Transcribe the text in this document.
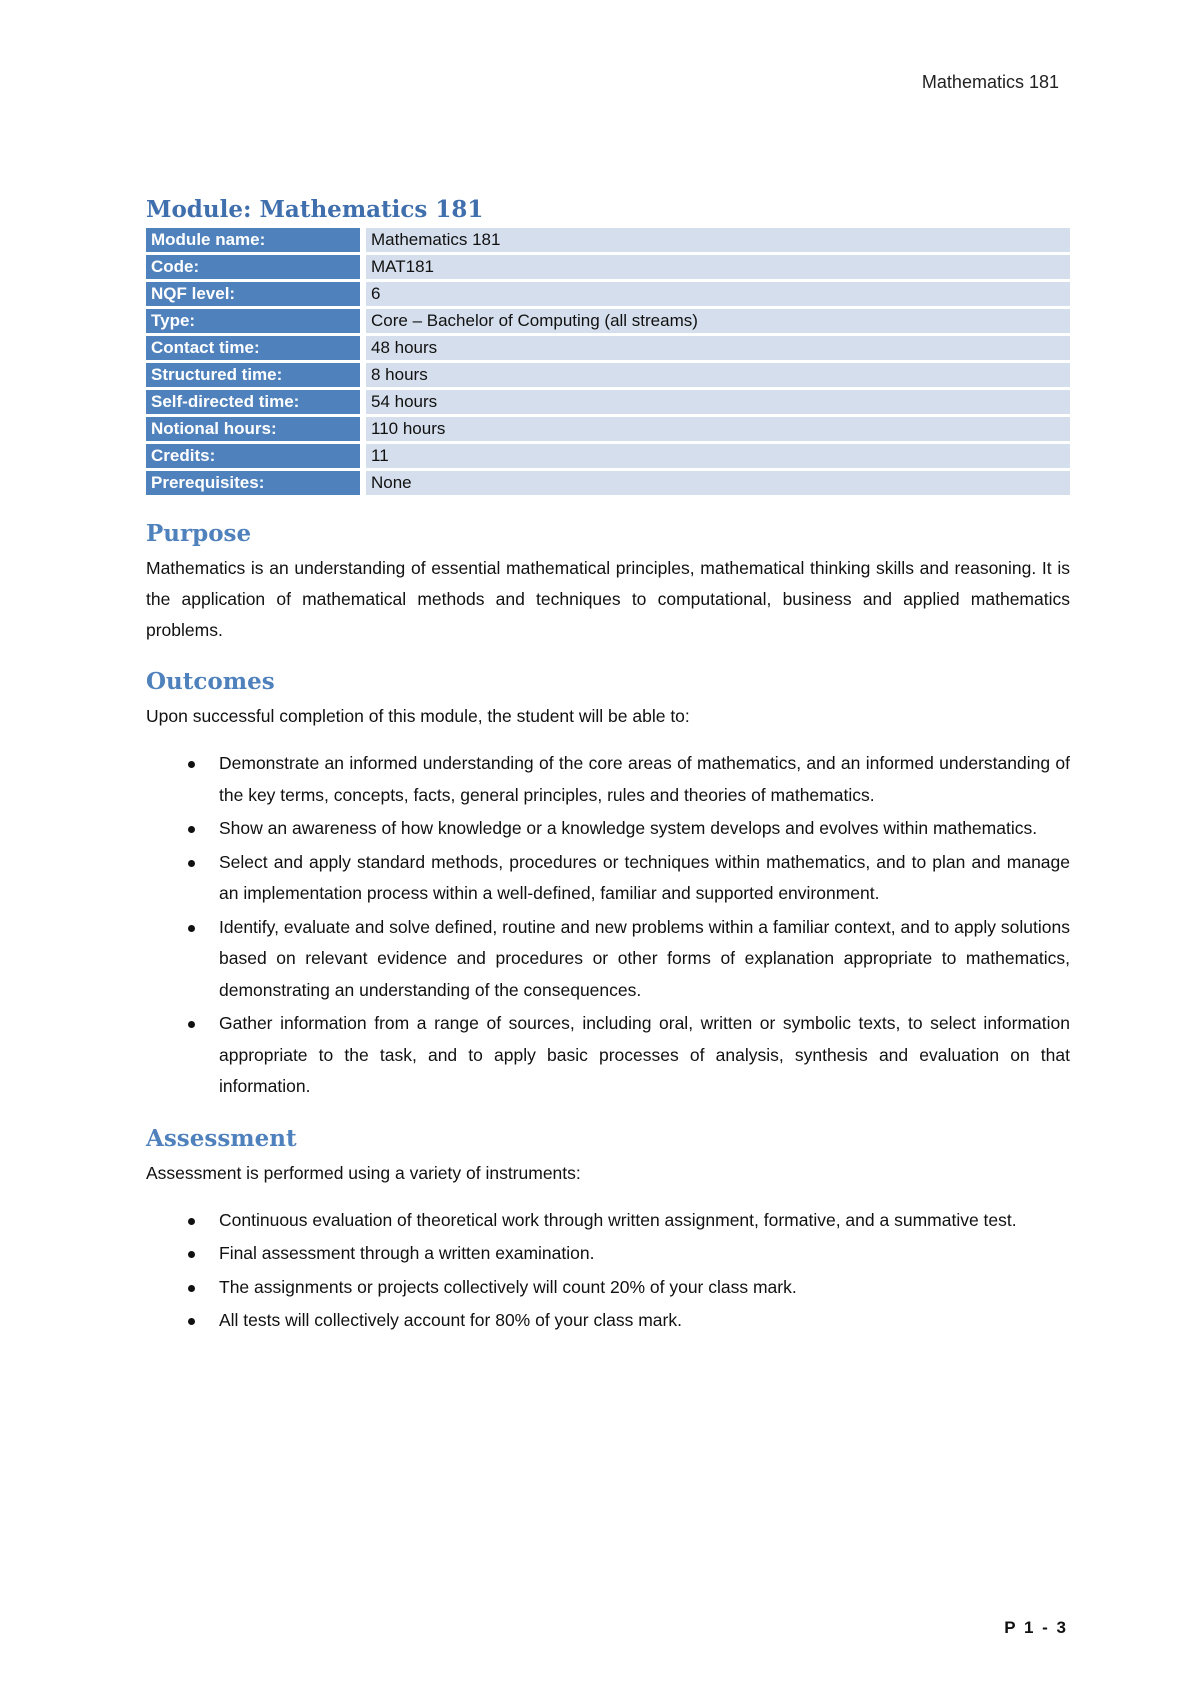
Mathematics 181
Module: Mathematics 181
Module name:	Mathematics 181
Code:	MAT181
NQF level:	6
Type:	Core – Bachelor of Computing (all streams)
Contact time:	48 hours
Structured time:	8 hours
Self-directed time:	54 hours
Notional hours:	110 hours
Credits:	11
Prerequisites:	None
Purpose

Mathematics is an understanding of essential mathematical principles, mathematical thinking skills and reasoning. It is the application of mathematical methods and techniques to computational, business and applied mathematics problems.

Outcomes

Upon successful completion of this module, the student will be able to:

Demonstrate an informed understanding of the core areas of mathematics, and an informed understanding of the key terms, concepts, facts, general principles, rules and theories of mathematics.
Show an awareness of how knowledge or a knowledge system develops and evolves within mathematics.
Select and apply standard methods, procedures or techniques within mathematics, and to plan and manage an implementation process within a well-defined, familiar and supported environment.
Identify, evaluate and solve defined, routine and new problems within a familiar context, and to apply solutions based on relevant evidence and procedures or other forms of explanation appropriate to mathematics, demonstrating an understanding of the consequences.
Gather information from a range of sources, including oral, written or symbolic texts, to select information appropriate to the task, and to apply basic processes of analysis, synthesis and evaluation on that information.
Assessment

Assessment is performed using a variety of instruments:

Continuous evaluation of theoretical work through written assignment, formative, and a summative test.
Final assessment through a written examination.
The assignments or projects collectively will count 20% of your class mark.
All tests will collectively account for 80% of your class mark.
P 1 - 3
